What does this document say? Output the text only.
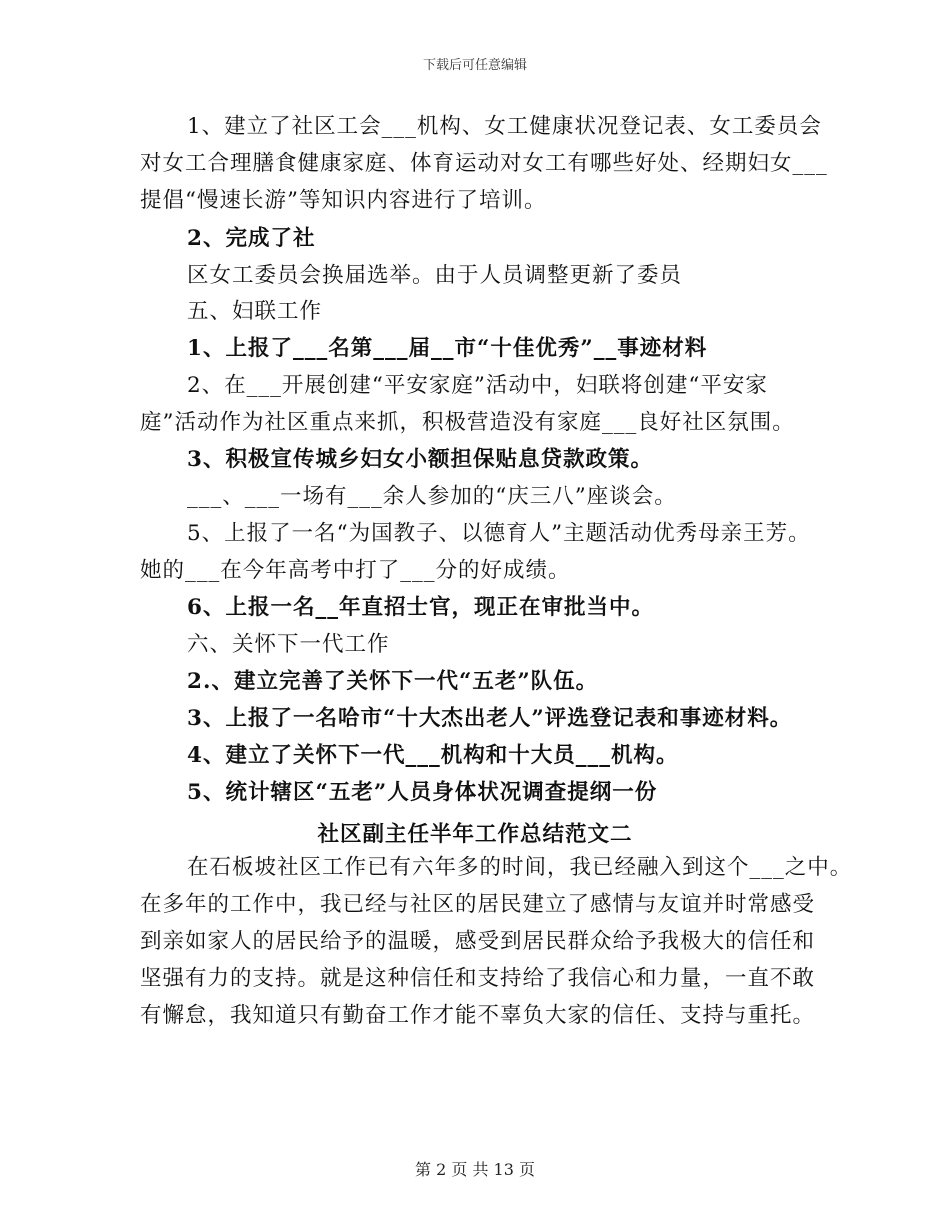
下载后可任意编辑
1、建立了社区工会___机构、女工健康状况登记表、女工委员会
对女工合理膳食健康家庭、体育运动对女工有哪些好处、经期妇女___
提倡“慢速长游”等知识内容进行了培训。
2、完成了社
区女工委员会换届选举。由于人员调整更新了委员
五、妇联工作
1、上报了___名第___届__市“十佳优秀”__事迹材料
2、在___开展创建“平安家庭”活动中，妇联将创建“平安家
庭”活动作为社区重点来抓，积极营造没有家庭___良好社区氛围。
3、积极宣传城乡妇女小额担保贴息贷款政策。
___、___一场有___余人参加的“庆三八”座谈会。
5、上报了一名“为国教子、以德育人”主题活动优秀母亲王芳。
她的___在今年高考中打了___分的好成绩。
6、上报一名__年直招士官，现正在审批当中。
六、关怀下一代工作
2.、建立完善了关怀下一代“五老”队伍。
3、上报了一名哈市“十大杰出老人”评选登记表和事迹材料。
4、建立了关怀下一代___机构和十大员___机构。
5、统计辖区“五老”人员身体状况调查提纲一份
社区副主任半年工作总结范文二
在石板坡社区工作已有六年多的时间，我已经融入到这个___之中。
在多年的工作中，我已经与社区的居民建立了感情与友谊并时常感受
到亲如家人的居民给予的温暖，感受到居民群众给予我极大的信任和
坚强有力的支持。就是这种信任和支持给了我信心和力量，一直不敢
有懈怠，我知道只有勤奋工作才能不辜负大家的信任、支持与重托。
第 2 页 共 13 页
